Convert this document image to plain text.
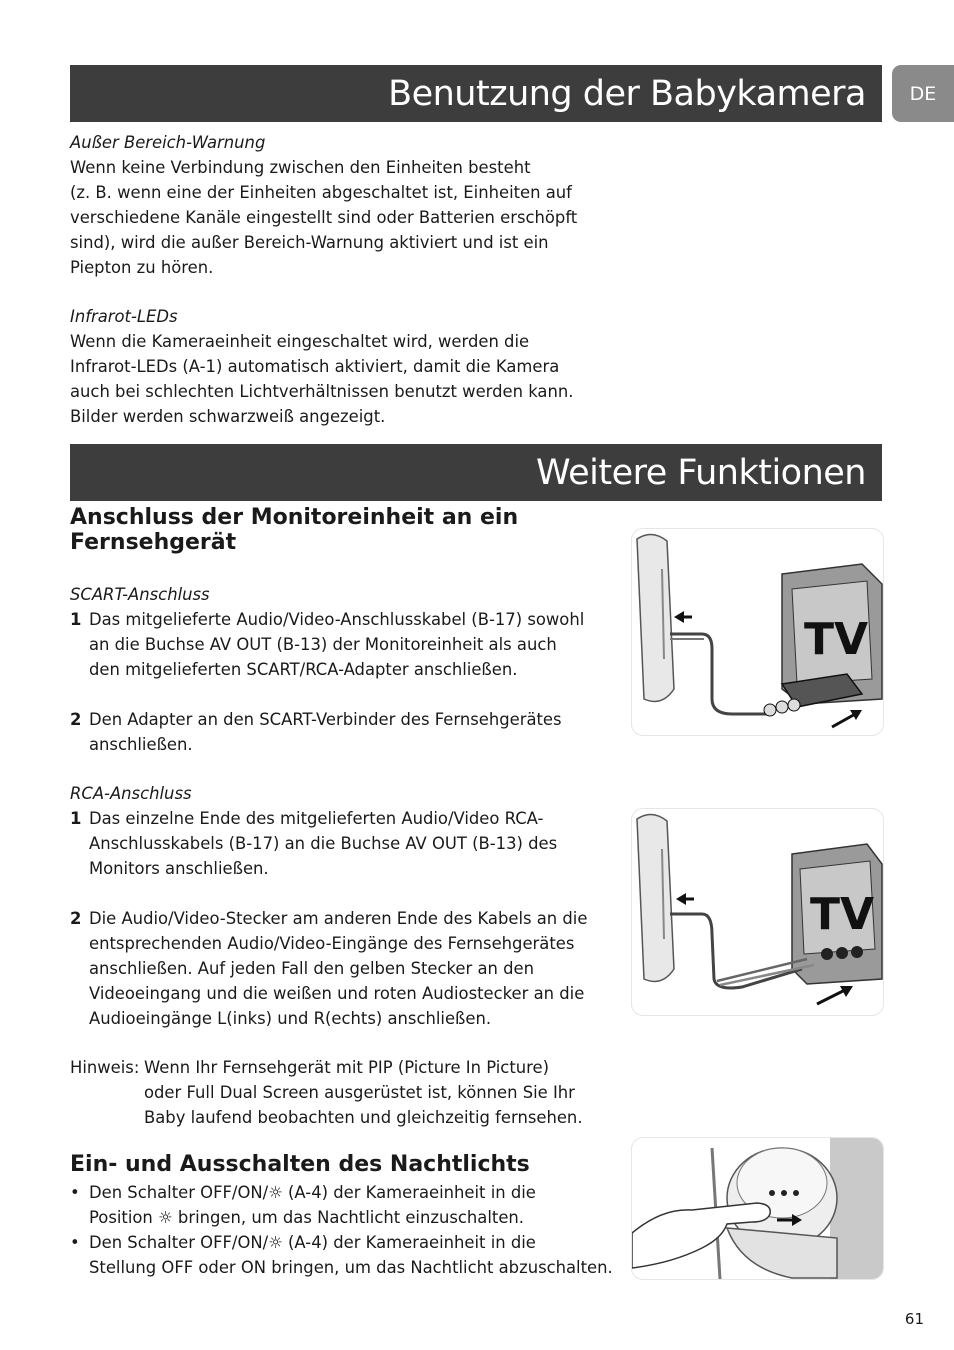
Benutzung der Babykamera DE
Außer Bereich-Warnung
Wenn keine Verbindung zwischen den Einheiten besteht
(z. B. wenn eine der Einheiten abgeschaltet ist, Einheiten auf
verschiedene Kanäle eingestellt sind oder Batterien erschöpft
sind), wird die außer Bereich-Warnung aktiviert und ist ein
Piepton zu hören.
Infrarot-LEDs
Wenn die Kameraeinheit eingeschaltet wird, werden die
Infrarot-LEDs (A-1) automatisch aktiviert, damit die Kamera
auch bei schlechten Lichtverhältnissen benutzt werden kann.
Bilder werden schwarzweiß angezeigt.
Weitere Funktionen
Anschluss der Monitoreinheit an ein
Fernsehgerät
SCART-Anschluss
1 Das mitgelieferte Audio/Video-Anschlusskabel (B-17) sowohl
an die Buchse AV OUT (B-13) der Monitoreinheit als auch
den mitgelieferten SCART/RCA-Adapter anschließen.
2 Den Adapter an den SCART-Verbinder des Fernsehgerätes
anschließen.
RCA-Anschluss
1 Das einzelne Ende des mitgelieferten Audio/Video RCA-
Anschlusskabels (B-17) an die Buchse AV OUT (B-13) des
Monitors anschließen.
2 Die Audio/Video-Stecker am anderen Ende des Kabels an die
entsprechenden Audio/Video-Eingänge des Fernsehgerätes
anschließen. Auf jeden Fall den gelben Stecker an den
Videoeingang und die weißen und roten Audiostecker an die
Audioeingänge L(inks) und R(echts) anschließen.
Hinweis: Wenn Ihr Fernsehgerät mit PIP (Picture In Picture)
oder Full Dual Screen ausgerüstet ist, können Sie Ihr
Baby laufend beobachten und gleichzeitig fernsehen.
Ein- und Ausschalten des Nachtlichts
• Den Schalter OFF/ON/☼ (A-4) der Kameraeinheit in die
Position ☼ bringen, um das Nachtlicht einzuschalten.
• Den Schalter OFF/ON/☼ (A-4) der Kameraeinheit in die
Stellung OFF oder ON bringen, um das Nachtlicht abzuschalten.
TV
TV
61
